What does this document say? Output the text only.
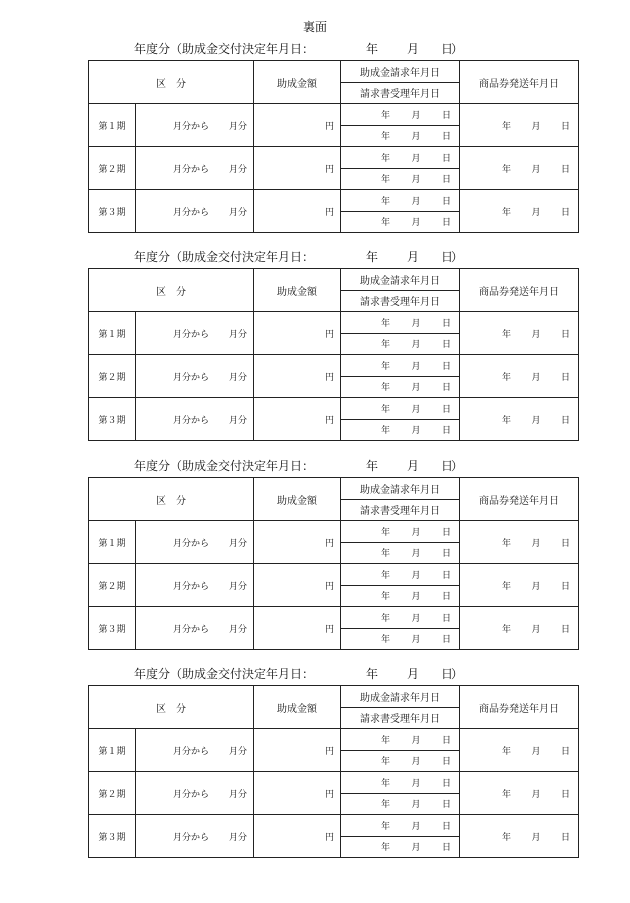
裏面
年度分（助成金交付決定年月日：	年 月 日
）
区　分		助成金額	助成金請求年月日	商品券発送年月日
			請求書受理年月日	
第１期	月分から 月分	円	年 月 日	年 月 日

			年 月 日	

第２期	月分から 月分	円	年 月 日	年 月 日

			年 月 日	

第３期	月分から 月分	円	年 月 日	年 月 日

			年 月 日	
年度分（助成金交付決定年月日：	年 月 日
）
区　分		助成金額	助成金請求年月日	商品券発送年月日
			請求書受理年月日	
第１期	月分から 月分	円	年 月 日	年 月 日

			年 月 日	

第２期	月分から 月分	円	年 月 日	年 月 日

			年 月 日	

第３期	月分から 月分	円	年 月 日	年 月 日

			年 月 日	
年度分（助成金交付決定年月日：	年 月 日
）
区　分		助成金額	助成金請求年月日	商品券発送年月日
			請求書受理年月日	
第１期	月分から 月分	円	年 月 日	年 月 日

			年 月 日	

第２期	月分から 月分	円	年 月 日	年 月 日

			年 月 日	

第３期	月分から 月分	円	年 月 日	年 月 日

			年 月 日	
年度分（助成金交付決定年月日：	年 月 日
）
区　分		助成金額	助成金請求年月日	商品券発送年月日
			請求書受理年月日	
第１期	月分から 月分	円	年 月 日	年 月 日

			年 月 日	

第２期	月分から 月分	円	年 月 日	年 月 日

			年 月 日	

第３期	月分から 月分	円	年 月 日	年 月 日

			年 月 日	
